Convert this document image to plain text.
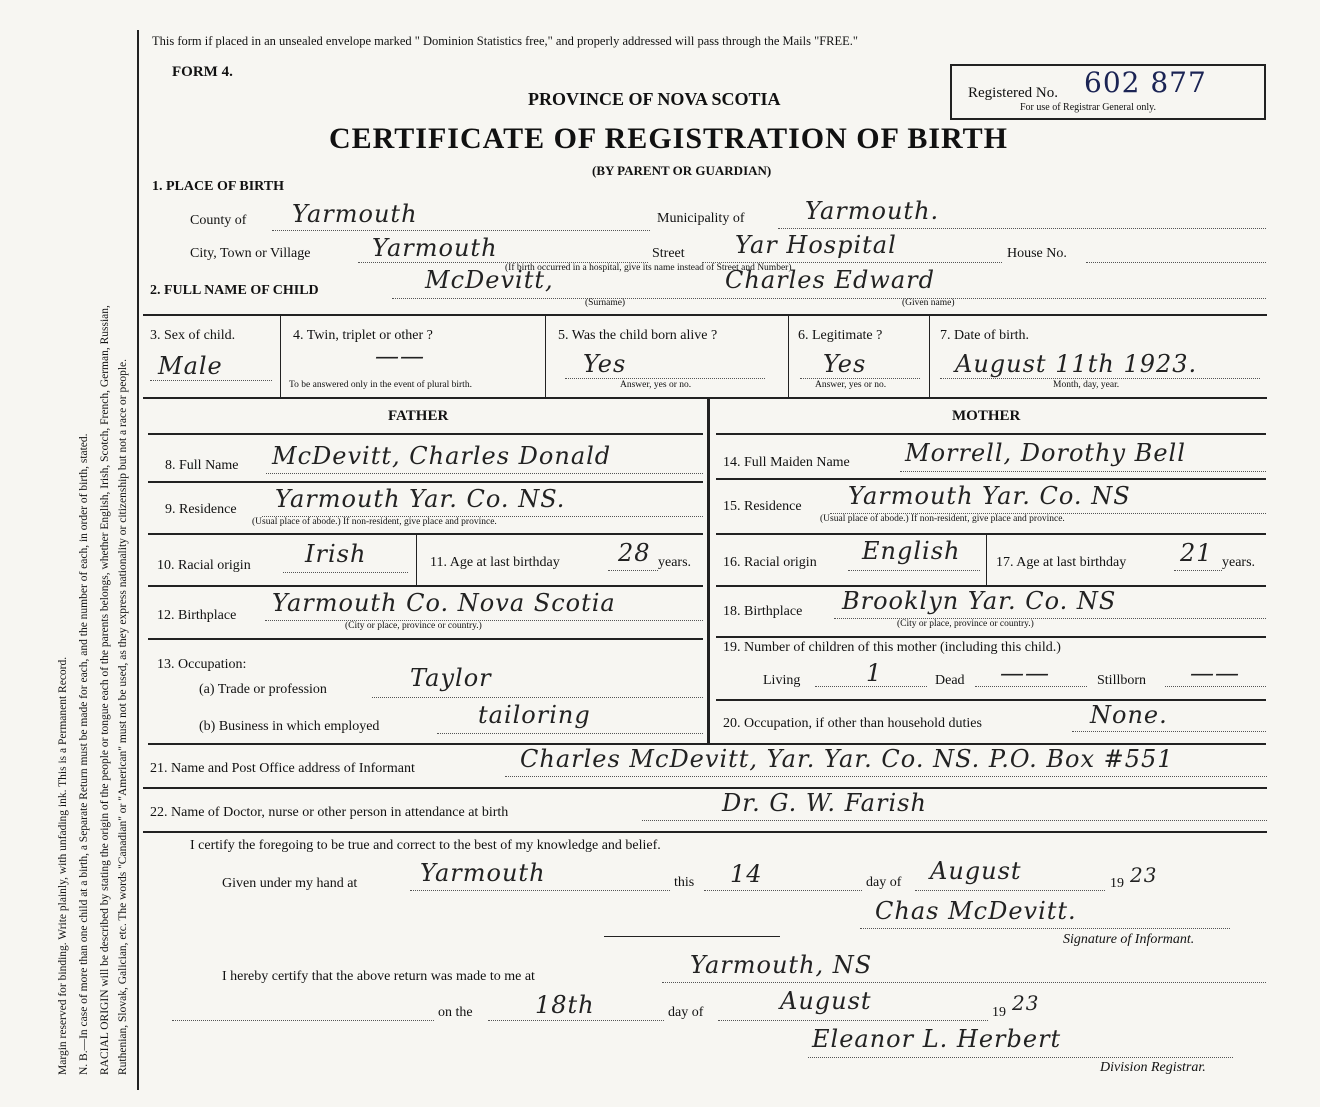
Margin reserved for binding. Write plainly, with unfading ink. This is a Permanent Record. N. B.—In case of more than one child at a birth, a Separate Return must be made for each, and the number of each, in order of birth, stated. RACIAL ORIGIN will be described by stating the origin of the people or tongue each of the parents belongs, whether English, Irish, Scotch, French, German, Russian, Ruthenian, Slovak, Galician, etc. The words "Canadian" or "American" must not be used, as they express nationality or citizenship but not a race or people.
This form if placed in an unsealed envelope marked " Dominion Statistics free," and properly addressed will pass through the Mails "FREE."
FORM 4.
PROVINCE OF NOVA SCOTIA	Registered No. 602 877
For use of Registrar General only.
CERTIFICATE OF REGISTRATION OF BIRTH
(BY PARENT OR GUARDIAN)
1. PLACE OF BIRTH
County of Yarmouth	Municipality of	Yarmouth.
City, Town or Village	Yarmouth	Street Yar Hospital	House No.
(If birth occurred in a hospital, give its name instead of Street and Number)
2. FULL NAME OF CHILD	McDevitt,	Charles Edward
(Surname)	(Given name)
3. Sex of child.
Male
4. Twin, triplet or other ?
——
To be answered only in the event of plural birth.
5. Was the child born alive ?
Yes
Answer, yes or no.
6. Legitimate ?
Yes
Answer, yes or no.
7. Date of birth.
August 11th 1923.
Month, day, year.
FATHER	MOTHER
8. Full Name McDevitt, Charles Donald	14. Full Maiden Name Morrell, Dorothy Bell
9. Residence Yarmouth Yar. Co. NS.
(Usual place of abode.) If non-resident, give place and province.
15. Residence Yarmouth Yar. Co. NS
(Usual place of abode.) If non-resident, give place and province.
10. Racial origin Irish	11. Age at last birthday 28 years. 16. Racial origin English	17. Age at last birthday 21 years.
12. Birthplace Yarmouth Co. Nova Scotia
(City or place, province or country.)
18. Birthplace Brooklyn Yar. Co. NS
(City or place, province or country.)
13. Occupation:
(a) Trade or profession	Taylor
(b) Business in which employed	tailoring
19. Number of children of this mother (including this child.)
Living	1	Dead ——	Stillborn ——
20. Occupation, if other than household duties	None.
21. Name and Post Office address of Informant	Charles McDevitt, Yar. Yar. Co. NS. P.O. Box #551
22. Name of Doctor, nurse or other person in attendance at birth	Dr. G. W. Farish
I certify the foregoing to be true and correct to the best of my knowledge and belief.
Given under my hand at	Yarmouth	this 14	day of August	19 23
Chas McDevitt.
Signature of Informant.
I hereby certify that the above return was made to me at	Yarmouth, NS
on the	18th	day of	August	19 23
Eleanor L. Herbert
Division Registrar.
